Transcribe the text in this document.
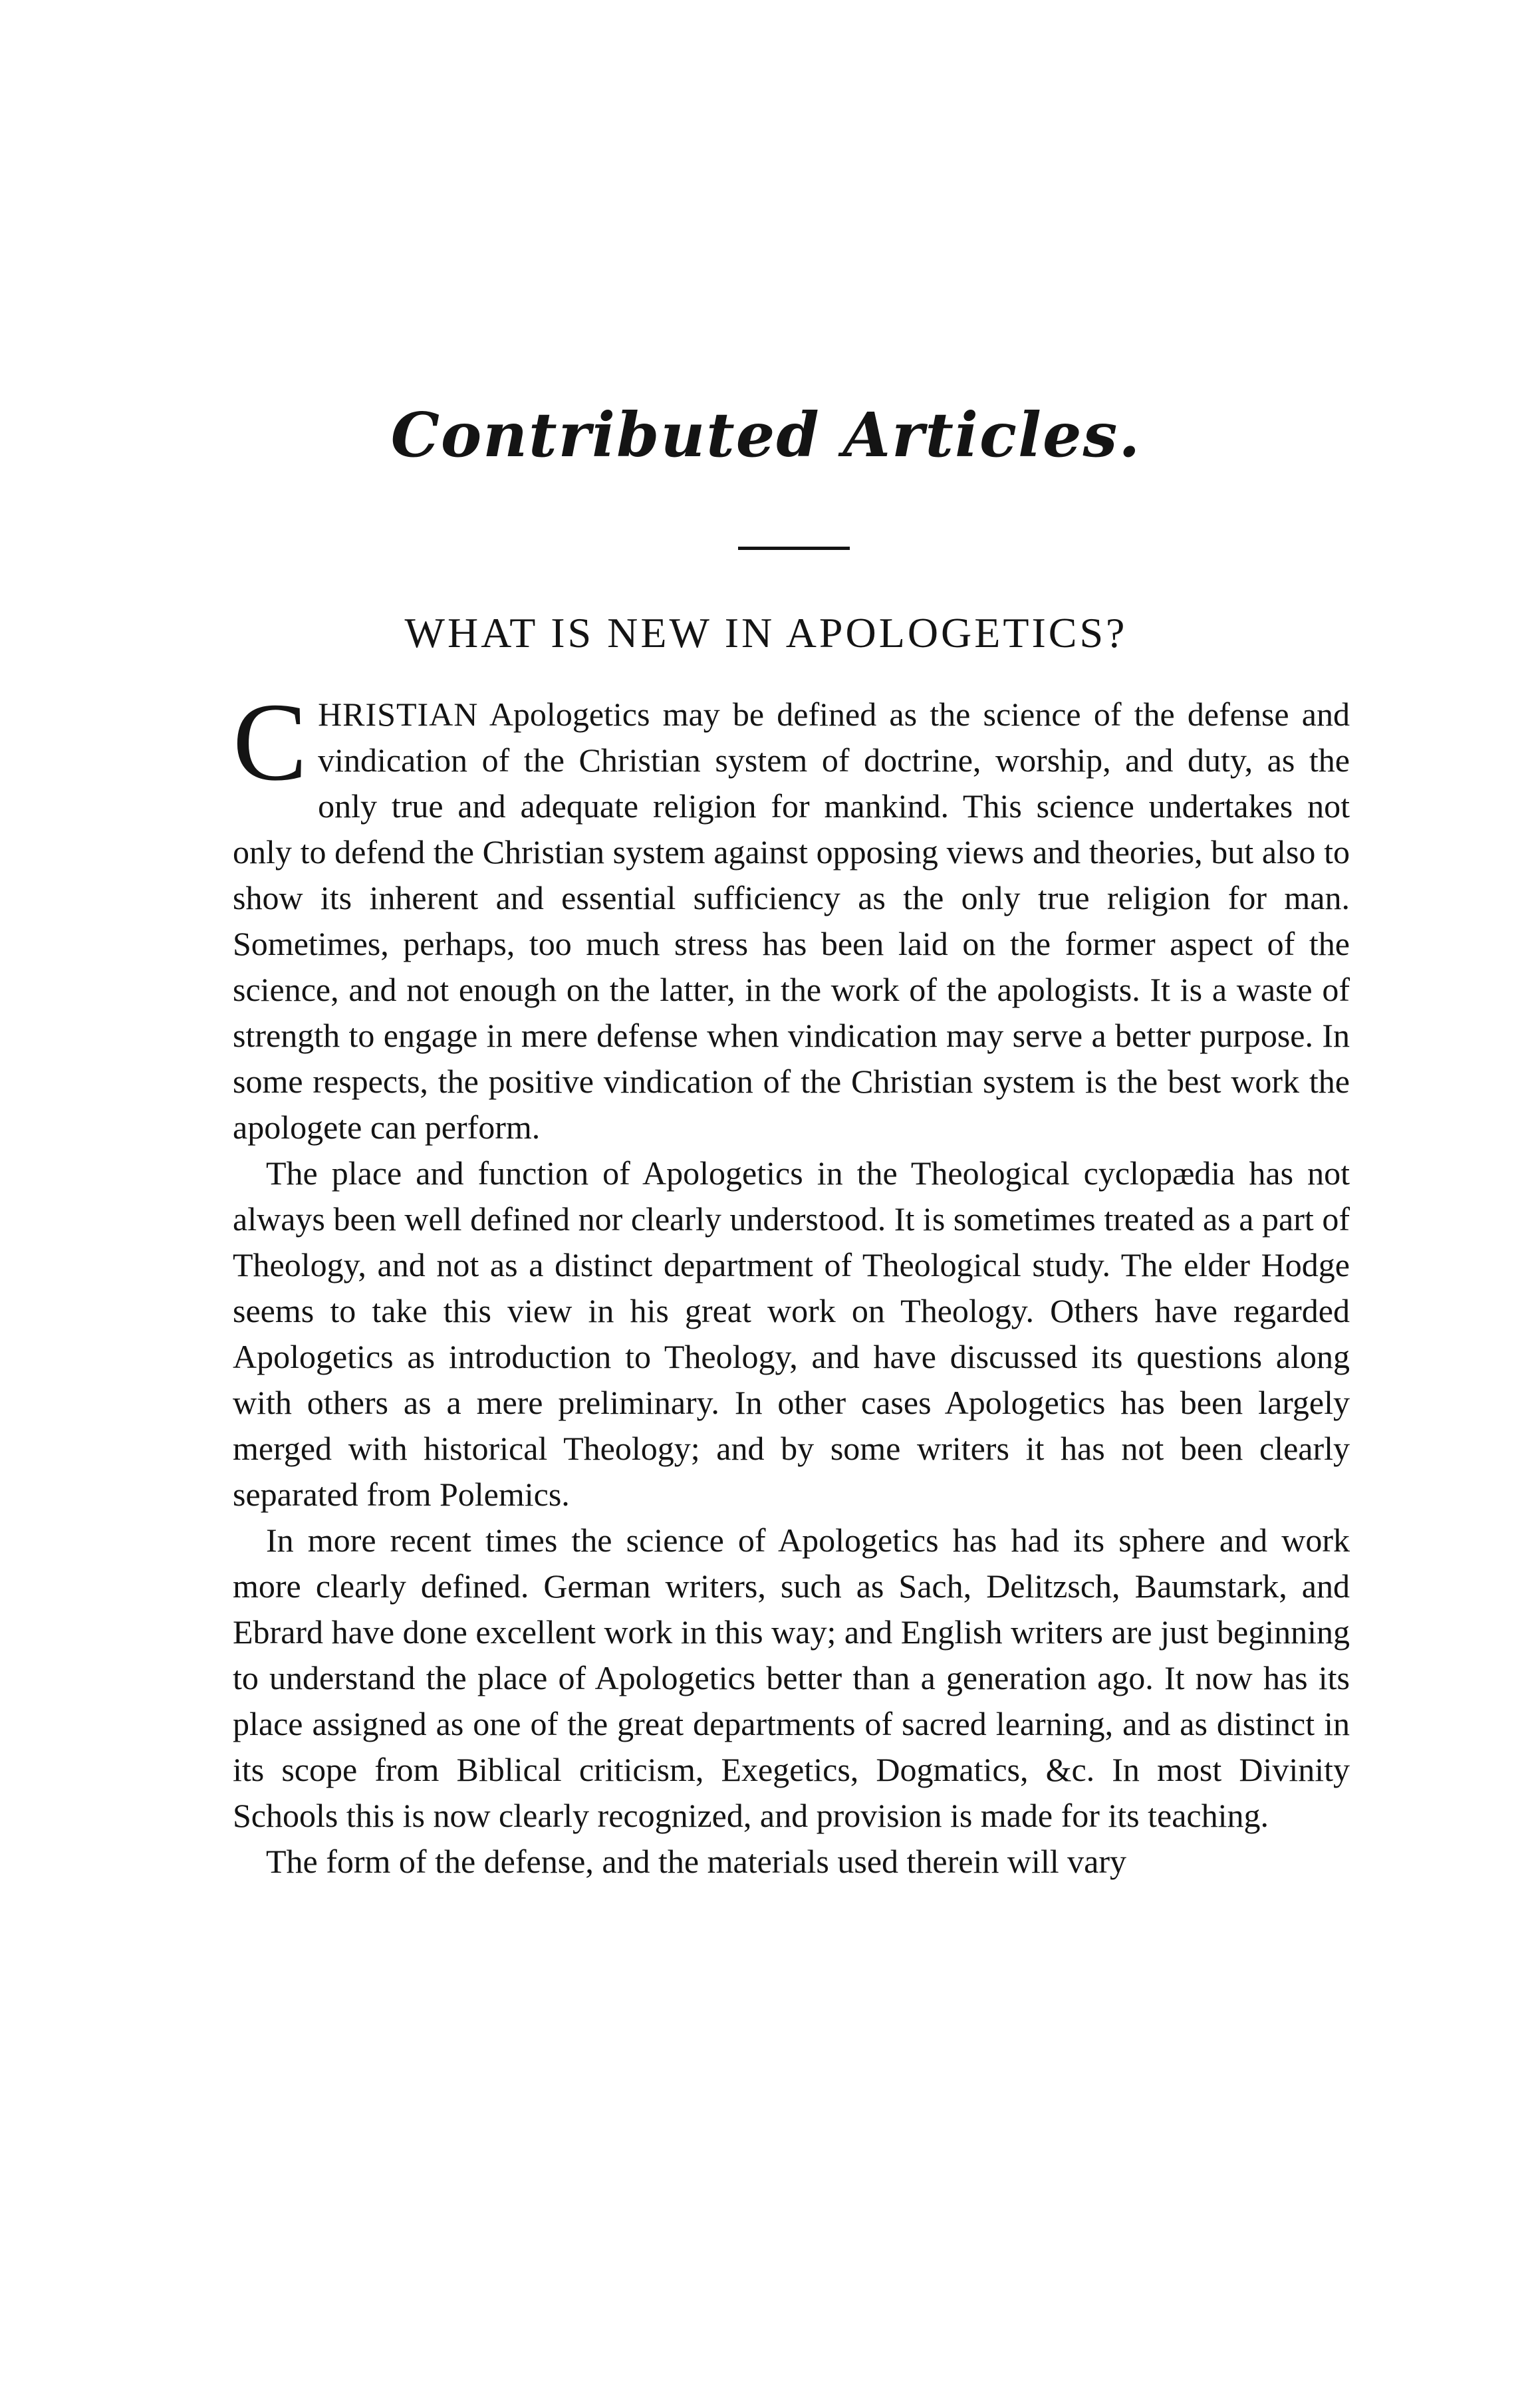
Contributed Articles.
WHAT IS NEW IN APOLOGETICS?

CHRISTIAN Apologetics may be defined as the science of the defense and vindication of the Christian system of doctrine, worship, and duty, as the only true and adequate religion for mankind. This science undertakes not only to defend the Christian system against opposing views and theories, but also to show its inherent and essential sufficiency as the only true religion for man. Sometimes, perhaps, too much stress has been laid on the former aspect of the science, and not enough on the latter, in the work of the apologists. It is a waste of strength to engage in mere defense when vindication may serve a better purpose. In some respects, the positive vindication of the Christian system is the best work the apologete can perform.

The place and function of Apologetics in the Theological cyclopædia has not always been well defined nor clearly understood. It is sometimes treated as a part of Theology, and not as a distinct department of Theological study. The elder Hodge seems to take this view in his great work on Theology. Others have regarded Apologetics as introduction to Theology, and have discussed its questions along with others as a mere preliminary. In other cases Apologetics has been largely merged with historical Theology; and by some writers it has not been clearly separated from Polemics.

In more recent times the science of Apologetics has had its sphere and work more clearly defined. German writers, such as Sach, Delitzsch, Baumstark, and Ebrard have done excellent work in this way; and English writers are just beginning to understand the place of Apologetics better than a generation ago. It now has its place assigned as one of the great departments of sacred learning, and as distinct in its scope from Biblical criticism, Exegetics, Dogmatics, &c. In most Divinity Schools this is now clearly recognized, and provision is made for its teaching.

The form of the defense, and the materials used therein will vary
